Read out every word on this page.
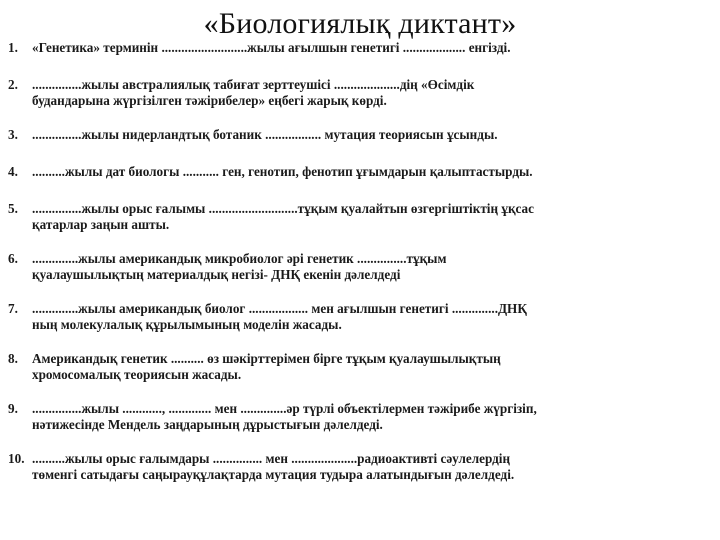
«Биологиялық диктант»
1. «Генетика» терминін ..........................жылы ағылшын генетигі ................... енгізді.
2. ...............жылы австралиялық табиғат зерттеушісі ....................дің «Өсімдік
будандарына жүргізілген тәжірибелер» еңбегі жарық көрді.
3. ...............жылы нидерландтық ботаник ................. мутация теориясын ұсынды.
4. ..........жылы дат биологы ........... ген, генотип, фенотип ұғымдарын қалыптастырды.
5. ...............жылы орыс ғалымы ...........................тұқым қуалайтын өзгергіштіктің ұқсас
қатарлар заңын ашты.
6. ..............жылы американдық микробиолог әрі генетик ...............тұқым
қуалаушылықтың материалдық негізі- ДНҚ екенін дәлелдеді
7. ..............жылы американдық биолог .................. мен ағылшын генетигі ..............ДНҚ
ның молекулалық құрылымының моделін жасады.
8. Американдық генетик .......... өз шәкірттерімен бірге тұқым қуалаушылықтың
хромосомалық теориясын жасады.
9. ...............жылы ............, ............. мен ..............әр түрлі объектілермен тәжірибе жүргізіп,
нәтижесінде Мендель заңдарының дұрыстығын дәлелдеді.
10. ..........жылы орыс ғалымдары ............... мен ....................радиоактивті сәулелердің
төменгі сатыдағы саңырауқұлақтарда мутация тудыра алатындығын дәлелдеді.
